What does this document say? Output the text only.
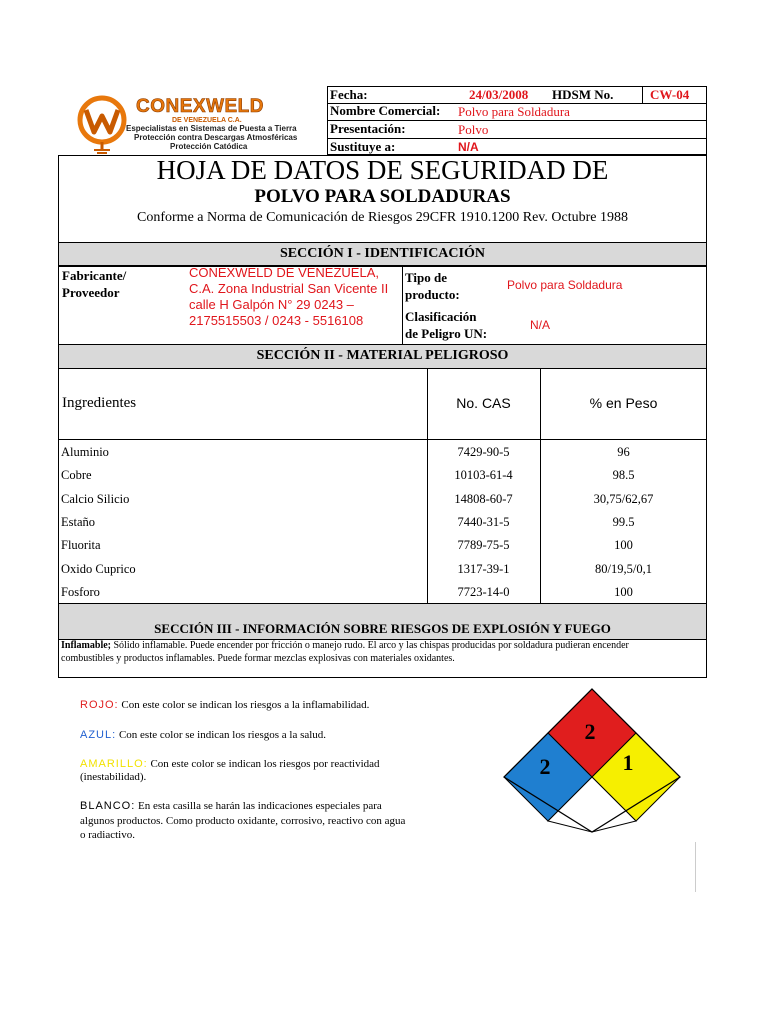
CONEXWELD
DE VENEZUELA C.A.
Especialistas en Sistemas de Puesta a Tierra
Protección contra Descargas Atmosféricas
Protección Catódica
Fecha:	24/03/2008 HDSM No.	CW-04
Nombre Comercial: Polvo para Soldadura
Presentación:	Polvo
Sustituye a:	N/A
HOJA DE DATOS DE SEGURIDAD DE
POLVO PARA SOLDADURAS
Conforme a Norma de Comunicación de Riesgos 29CFR 1910.1200 Rev. Octubre 1988
SECCIÓN I - IDENTIFICACIÓN
Fabricante/
Proveedor
CONEXWELD DE VENEZUELA,
C.A. Zona Industrial San Vicente II
calle H Galpón N° 29 0243 –
2175515503 / 0243 - 5516108
Tipo de
producto:
Polvo para Soldadura
Clasificación
de Peligro UN:
N/A
SECCIÓN II - MATERIAL PELIGROSO
Ingredientes	No. CAS	% en Peso
Aluminio	7429-90-5	96
Cobre	10103-61-4	98.5
Calcio Silicio	14808-60-7	30,75/62,67
Estaño	7440-31-5	99.5
Fluorita	7789-75-5	100
Oxido Cuprico	1317-39-1	80/19,5/0,1
Fosforo	7723-14-0	100
SECCIÓN III - INFORMACIÓN SOBRE RIESGOS DE EXPLOSIÓN Y FUEGO
Inflamable; Sólido inflamable. Puede encender por fricción o manejo rudo. El arco y las chispas producidas por soldadura pudieran encender
combustibles y productos inflamables. Puede formar mezclas explosivas con materiales oxidantes.
ROJO: Con este color se indican los riesgos a la inflamabilidad.
AZUL: Con este color se indican los riesgos a la salud.
AMARILLO: Con este color se indican los riesgos por reactividad
(inestabilidad).
BLANCO: En esta casilla se harán las indicaciones especiales para
algunos productos. Como producto oxidante, corrosivo, reactivo con agua
o radiactivo.
2
2	1
